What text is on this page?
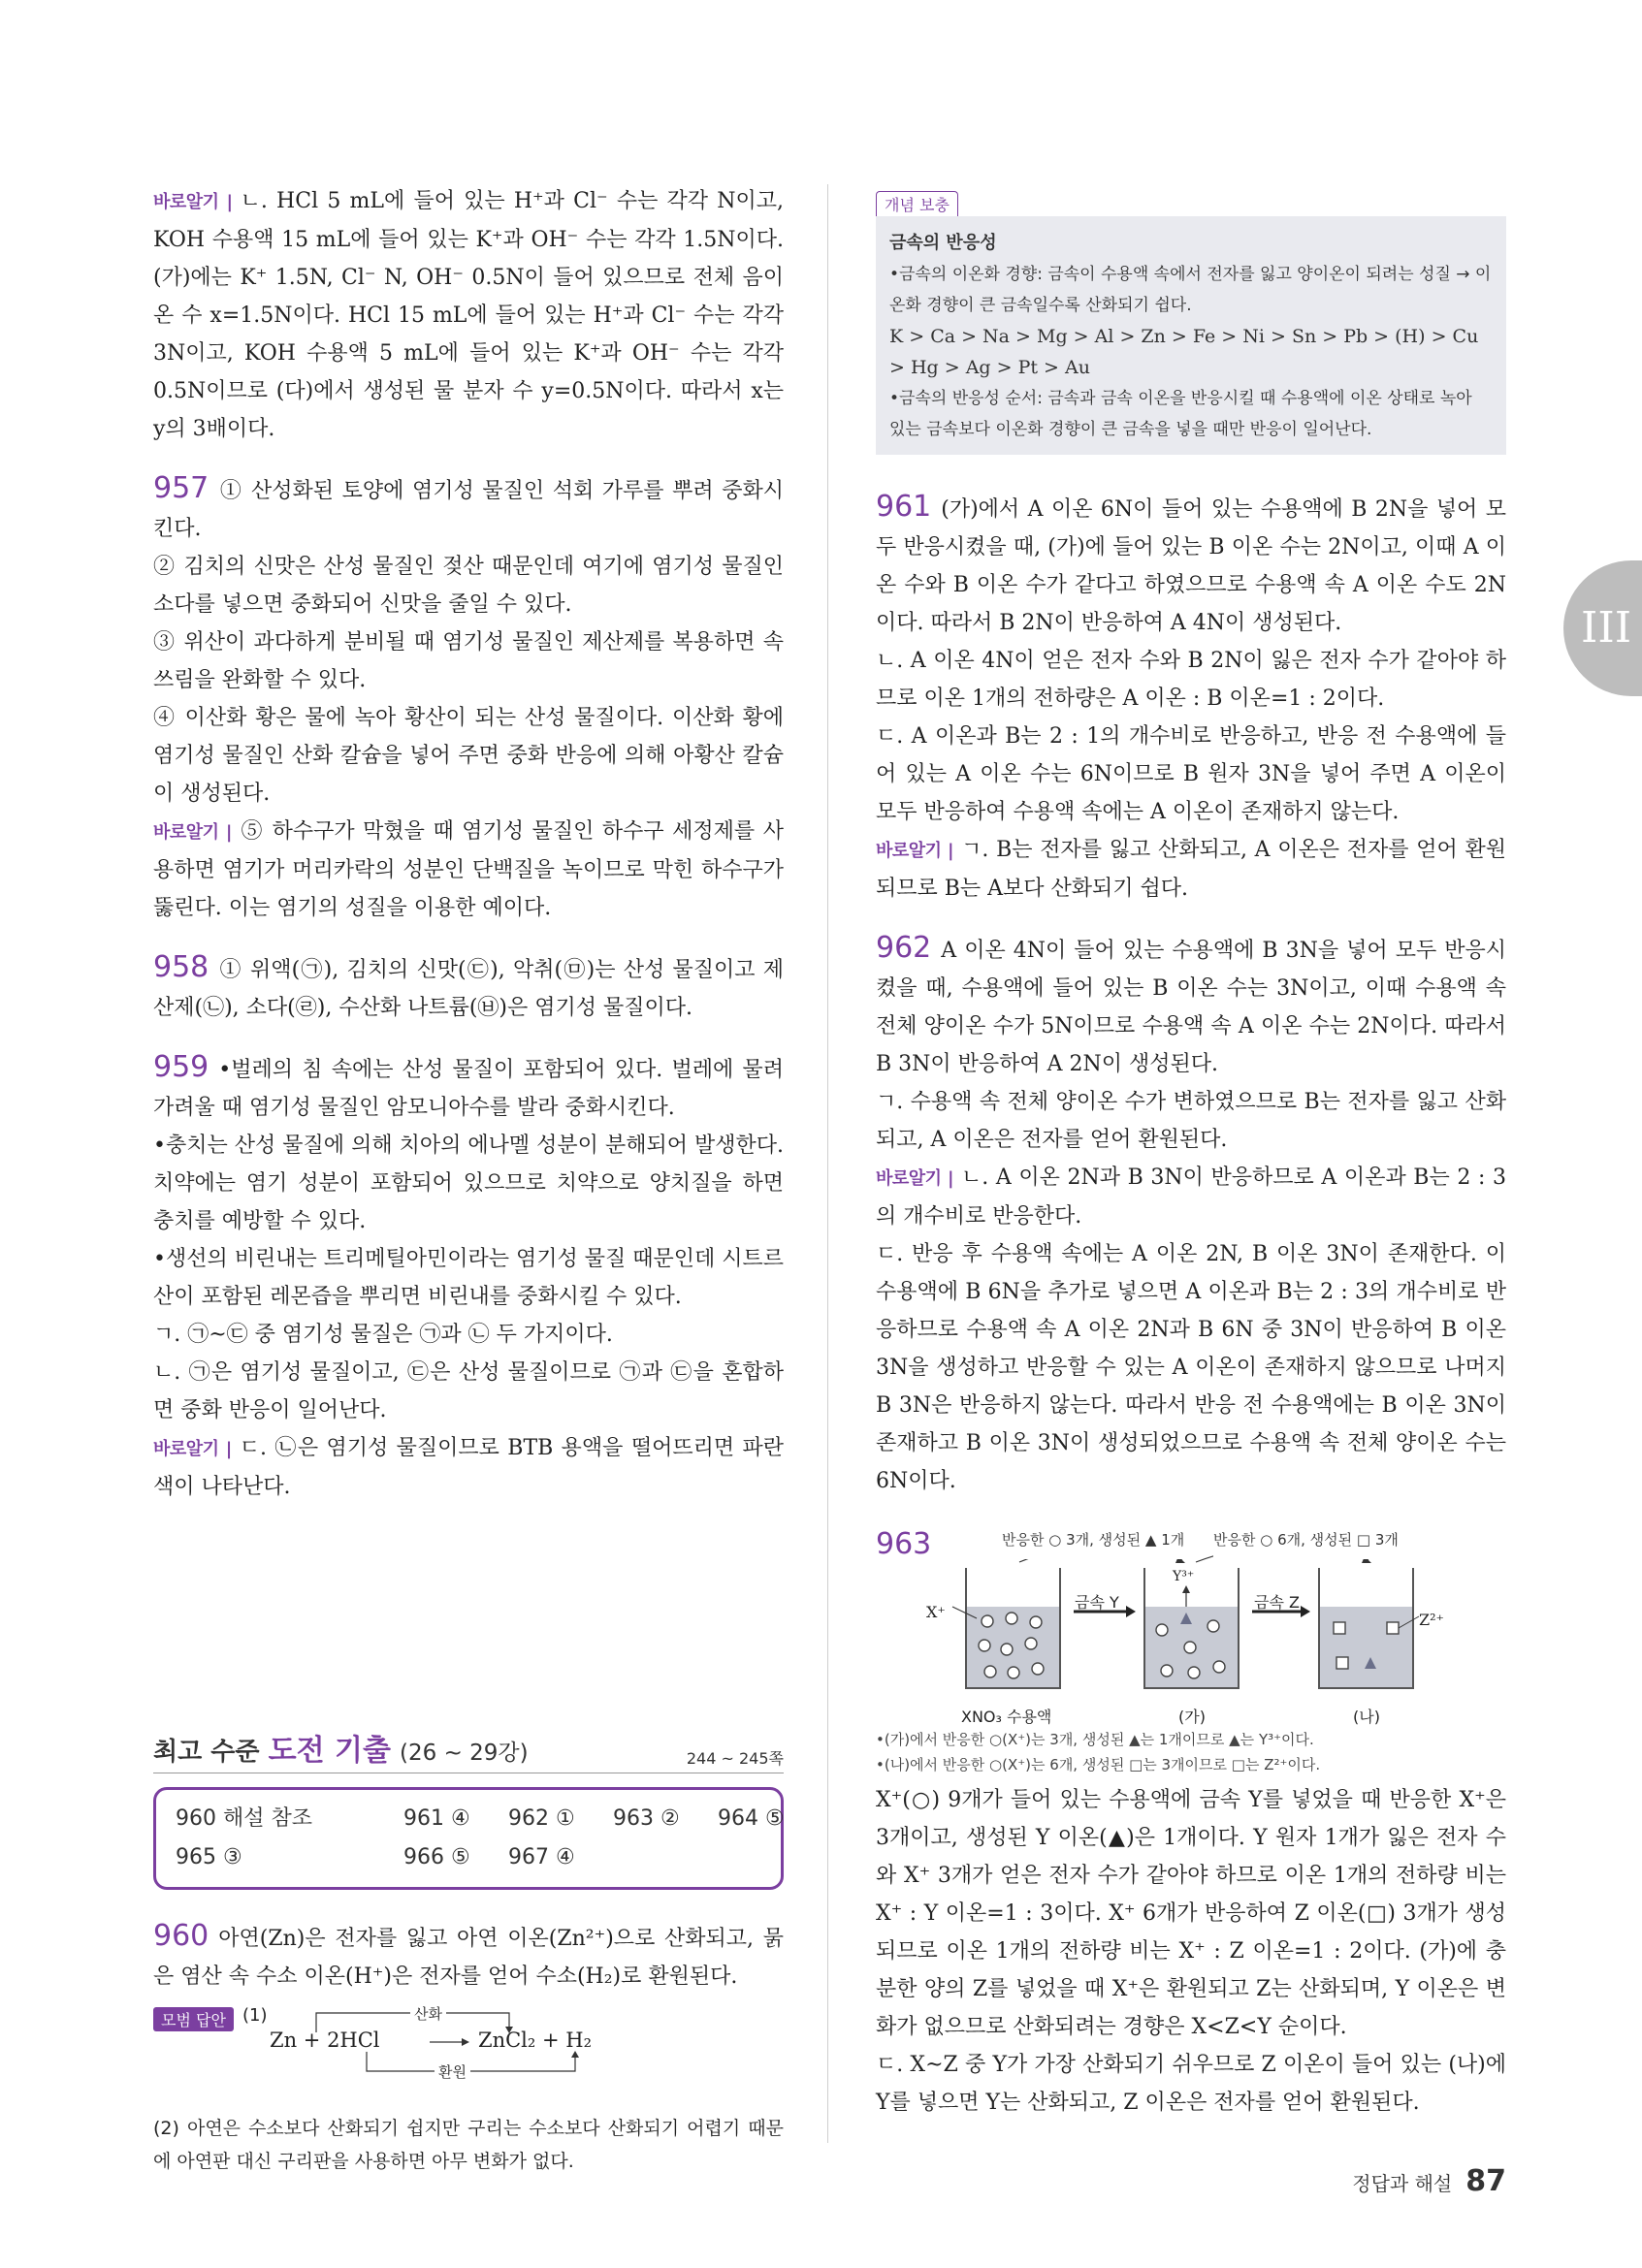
바로알기 | ㄴ. HCl 5 mL에 들어 있는 H⁺과 Cl⁻ 수는 각각 N이고, KOH 수용액 15 mL에 들어 있는 K⁺과 OH⁻ 수는 각각 1.5N이다. (가)에는 K⁺ 1.5N, Cl⁻ N, OH⁻ 0.5N이 들어 있으므로 전체 음이온 수 x=1.5N이다. HCl 15 mL에 들어 있는 H⁺과 Cl⁻ 수는 각각 3N이고, KOH 수용액 5 mL에 들어 있는 K⁺과 OH⁻ 수는 각각 0.5N이므로 (다)에서 생성된 물 분자 수 y=0.5N이다. 따라서 x는 y의 3배이다.

957 ① 산성화된 토양에 염기성 물질인 석회 가루를 뿌려 중화시킨다.

② 김치의 신맛은 산성 물질인 젖산 때문인데 여기에 염기성 물질인 소다를 넣으면 중화되어 신맛을 줄일 수 있다.

③ 위산이 과다하게 분비될 때 염기성 물질인 제산제를 복용하면 속쓰림을 완화할 수 있다.

④ 이산화 황은 물에 녹아 황산이 되는 산성 물질이다. 이산화 황에 염기성 물질인 산화 칼슘을 넣어 주면 중화 반응에 의해 아황산 칼슘이 생성된다.

바로알기 | ⑤ 하수구가 막혔을 때 염기성 물질인 하수구 세정제를 사용하면 염기가 머리카락의 성분인 단백질을 녹이므로 막힌 하수구가 뚫린다. 이는 염기의 성질을 이용한 예이다.

958 ① 위액(㉠), 김치의 신맛(㉢), 악취(㉤)는 산성 물질이고 제산제(㉡), 소다(㉣), 수산화 나트륨(㉥)은 염기성 물질이다.

959 •벌레의 침 속에는 산성 물질이 포함되어 있다. 벌레에 물려 가려울 때 염기성 물질인 암모니아수를 발라 중화시킨다.

•충치는 산성 물질에 의해 치아의 에나멜 성분이 분해되어 발생한다. 치약에는 염기 성분이 포함되어 있으므로 치약으로 양치질을 하면 충치를 예방할 수 있다.

•생선의 비린내는 트리메틸아민이라는 염기성 물질 때문인데 시트르산이 포함된 레몬즙을 뿌리면 비린내를 중화시킬 수 있다.

ㄱ. ㉠~㉢ 중 염기성 물질은 ㉠과 ㉡ 두 가지이다.

ㄴ. ㉠은 염기성 물질이고, ㉢은 산성 물질이므로 ㉠과 ㉢을 혼합하면 중화 반응이 일어난다.

바로알기 | ㄷ. ㉡은 염기성 물질이므로 BTB 용액을 떨어뜨리면 파란색이 나타난다.

최고 수준 도전 기출 (26 ~ 29강)	244 ~ 245쪽
960 해설 참조	961 ④	962 ①	963 ②	964 ⑤
965 ③	966 ⑤	967 ④

960 아연(Zn)은 전자를 잃고 아연 이온(Zn²⁺)으로 산화되고, 묽은 염산 속 수소 이온(H⁺)은 전자를 얻어 수소(H₂)로 환원된다.

모범 답안 (1)	산화
환원
Zn + 2HCl	ZnCl₂ + H₂

(2) 아연은 수소보다 산화되기 쉽지만 구리는 수소보다 산화되기 어렵기 때문에 아연판 대신 구리판을 사용하면 아무 변화가 없다.

개념 보충
금속의 반응성
•금속의 이온화 경향: 금속이 수용액 속에서 전자를 잃고 양이온이 되려는 성질 → 이온화 경향이 큰 금속일수록 산화되기 쉽다.
K > Ca > Na > Mg > Al > Zn > Fe > Ni > Sn > Pb > (H) > Cu > Hg > Ag > Pt > Au
•금속의 반응성 순서: 금속과 금속 이온을 반응시킬 때 수용액에 이온 상태로 녹아 있는 금속보다 이온화 경향이 큰 금속을 넣을 때만 반응이 일어난다.
III

961 (가)에서 A 이온 6N이 들어 있는 수용액에 B 2N을 넣어 모두 반응시켰을 때, (가)에 들어 있는 B 이온 수는 2N이고, 이때 A 이온 수와 B 이온 수가 같다고 하였으므로 수용액 속 A 이온 수도 2N이다. 따라서 B 2N이 반응하여 A 4N이 생성된다.

ㄴ. A 이온 4N이 얻은 전자 수와 B 2N이 잃은 전자 수가 같아야 하므로 이온 1개의 전하량은 A 이온 : B 이온=1 : 2이다.

ㄷ. A 이온과 B는 2 : 1의 개수비로 반응하고, 반응 전 수용액에 들어 있는 A 이온 수는 6N이므로 B 원자 3N을 넣어 주면 A 이온이 모두 반응하여 수용액 속에는 A 이온이 존재하지 않는다.

바로알기 | ㄱ. B는 전자를 잃고 산화되고, A 이온은 전자를 얻어 환원되므로 B는 A보다 산화되기 쉽다.

962 A 이온 4N이 들어 있는 수용액에 B 3N을 넣어 모두 반응시켰을 때, 수용액에 들어 있는 B 이온 수는 3N이고, 이때 수용액 속 전체 양이온 수가 5N이므로 수용액 속 A 이온 수는 2N이다. 따라서 B 3N이 반응하여 A 2N이 생성된다.

ㄱ. 수용액 속 전체 양이온 수가 변하였으므로 B는 전자를 잃고 산화되고, A 이온은 전자를 얻어 환원된다.

바로알기 | ㄴ. A 이온 2N과 B 3N이 반응하므로 A 이온과 B는 2 : 3의 개수비로 반응한다.

ㄷ. 반응 후 수용액 속에는 A 이온 2N, B 이온 3N이 존재한다. 이 수용액에 B 6N을 추가로 넣으면 A 이온과 B는 2 : 3의 개수비로 반응하므로 수용액 속 A 이온 2N과 B 6N 중 3N이 반응하여 B 이온 3N을 생성하고 반응할 수 있는 A 이온이 존재하지 않으므로 나머지 B 3N은 반응하지 않는다. 따라서 반응 전 수용액에는 B 이온 3N이 존재하고 B 이온 3N이 생성되었으므로 수용액 속 전체 양이온 수는 6N이다.

963	반응한 ○ 3개, 생성된 ▲ 1개 반응한 ○ 6개, 생성된 □ 3개
금속 Y	금속 Z
X⁺
Y³⁺
Z²⁺
XNO₃ 수용액	(가)	(나)
•(가)에서 반응한 ○(X⁺)는 3개, 생성된 ▲는 1개이므로 ▲는 Y³⁺이다.
•(나)에서 반응한 ○(X⁺)는 6개, 생성된 □는 3개이므로 □는 Z²⁺이다.

X⁺(○) 9개가 들어 있는 수용액에 금속 Y를 넣었을 때 반응한 X⁺은 3개이고, 생성된 Y 이온(▲)은 1개이다. Y 원자 1개가 잃은 전자 수와 X⁺ 3개가 얻은 전자 수가 같아야 하므로 이온 1개의 전하량 비는 X⁺ : Y 이온=1 : 3이다. X⁺ 6개가 반응하여 Z 이온(□) 3개가 생성되므로 이온 1개의 전하량 비는 X⁺ : Z 이온=1 : 2이다. (가)에 충분한 양의 Z를 넣었을 때 X⁺은 환원되고 Z는 산화되며, Y 이온은 변화가 없으므로 산화되려는 경향은 X<Z<Y 순이다.

ㄷ. X~Z 중 Y가 가장 산화되기 쉬우므로 Z 이온이 들어 있는 (나)에 Y를 넣으면 Y는 산화되고, Z 이온은 전자를 얻어 환원된다.

정답과 해설 87
